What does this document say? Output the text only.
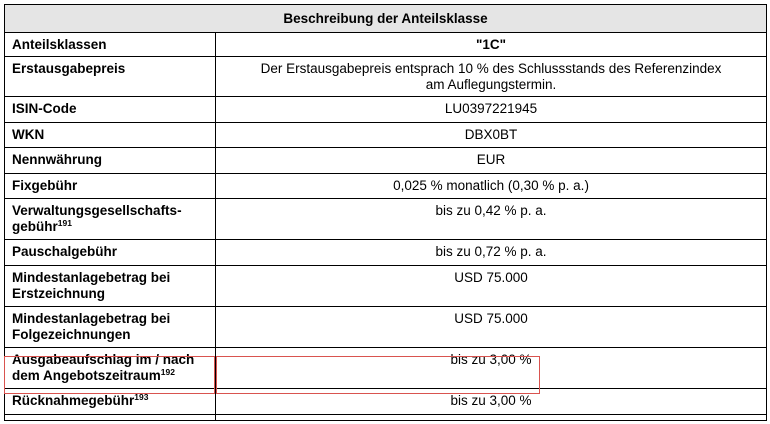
Beschreibung der Anteilsklasse	
Anteilsklassen	"1C"
Erstausgabepreis	Der Erstausgabepreis entsprach 10 % des Schlussstands des Referenzindex am Auflegungstermin.
ISIN-Code	LU0397221945
WKN	DBX0BT
Nennwährung	EUR
Fixgebühr	0,025 % monatlich (0,30 % p. a.)
Verwaltungsgesellschafts-
gebühr$^{191}$	bis zu 0,42 % p. a.
Pauschalgebühr	bis zu 0,72 % p. a.
Mindestanlagebetrag bei
Erstzeichnung	USD 75.000
Mindestanlagebetrag bei
Folgezeichnungen	USD 75.000
Ausgabeaufschlag im / nach
dem Angebotszeitraum$^{192}$	bis zu 3,00 %
Rücknahmegebühr$^{193}$	bis zu 3,00 %
